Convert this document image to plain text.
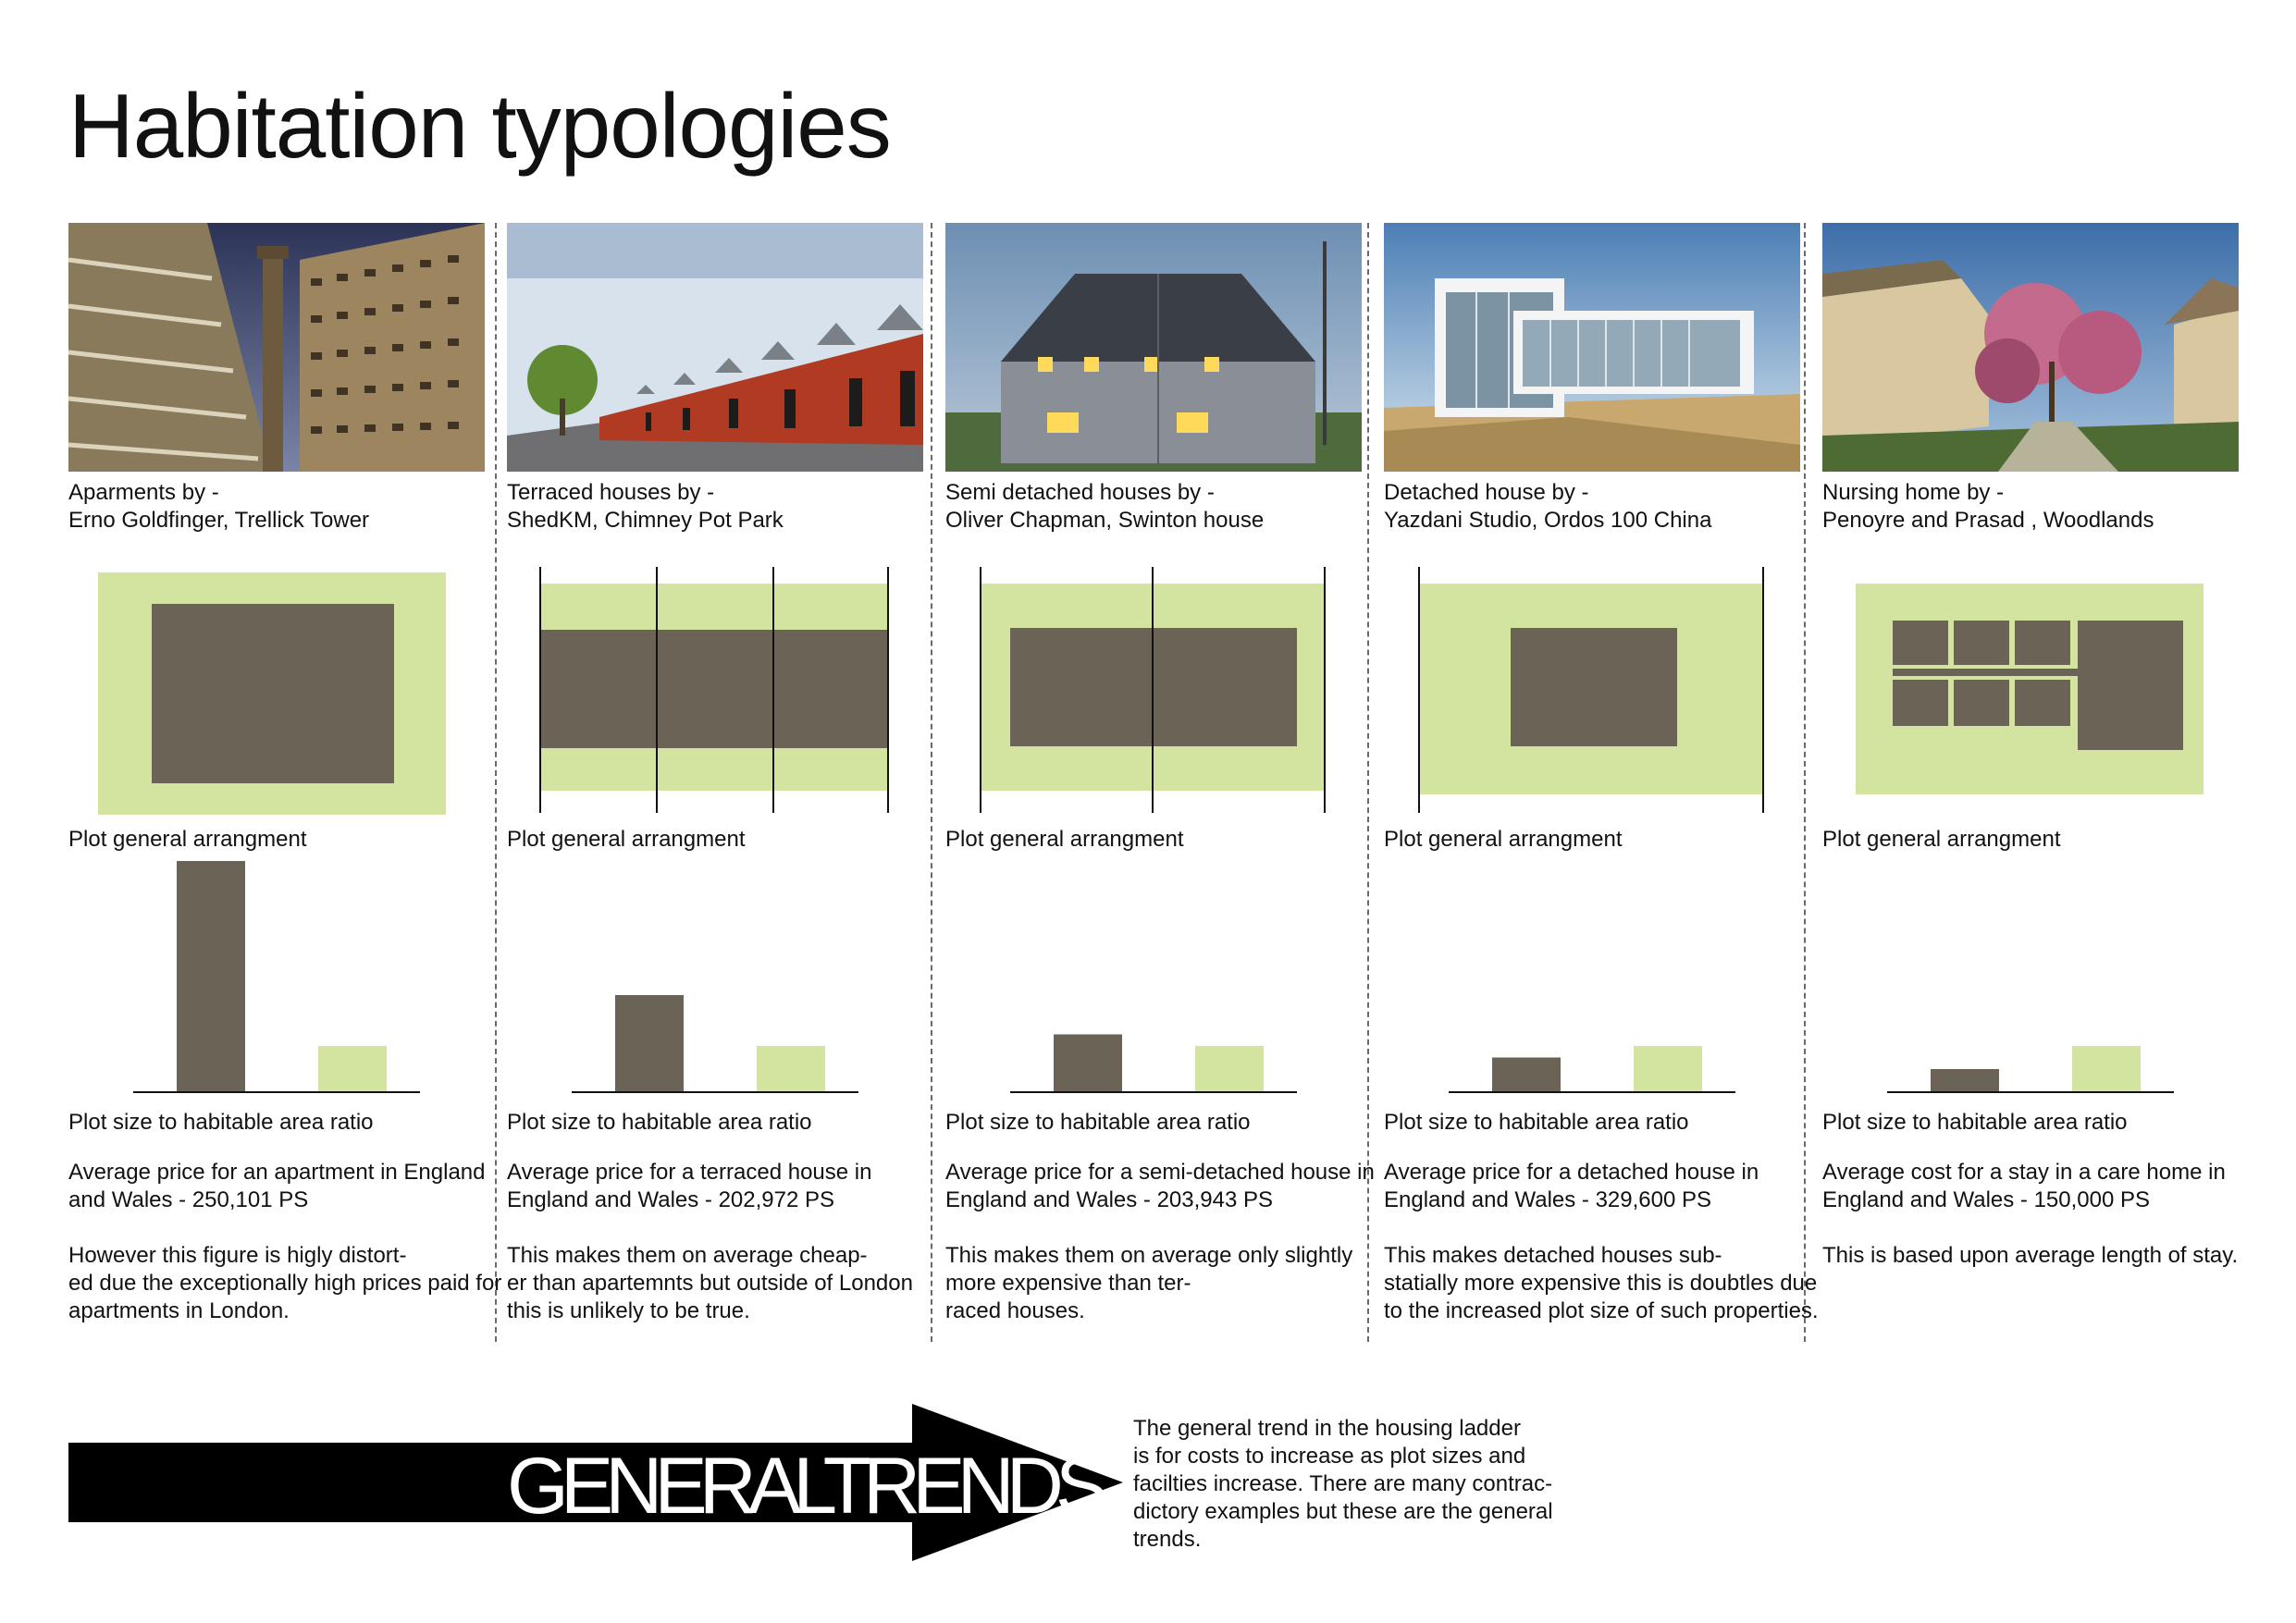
Habitation typologies
Aparments by -
Erno Goldfinger, Trellick Tower
Plot general arrangment
Plot size to habitable area ratio

Average price for an apartment in England and Wales - 250,101 PS

However this figure is higly distort-
ed due the exceptionally high prices paid for apartments in London.

Terraced houses by -
ShedKM, Chimney Pot Park
Plot general arrangment
Plot size to habitable area ratio

Average price for a terraced house in England and Wales - 202,972 PS

This makes them on average cheap-
er than apartemnts but outside of London this is unlikely to be true.

Semi detached houses by -
Oliver Chapman, Swinton house
Plot general arrangment
Plot size to habitable area ratio

Average price for a semi-detached house in England and Wales - 203,943 PS

This makes them on average only slightly more expensive than ter-
raced houses.

Detached house by -
Yazdani Studio, Ordos 100 China
Plot general arrangment
Plot size to habitable area ratio

Average price for a detached house in England and Wales - 329,600 PS

This makes detached houses sub-
statially more expensive this is doubtles due to the increased plot size of such properties.

Nursing home by -
Penoyre and Prasad , Woodlands
Plot general arrangment
Plot size to habitable area ratio

Average cost for a stay in a care home in England and Wales - 150,000 PS

This is based upon average length of stay.

GENERALTRENDS
The general trend in the housing ladder
is for costs to increase as plot sizes and
facilties increase. There are many contrac-
dictory examples but these are the general
trends.
